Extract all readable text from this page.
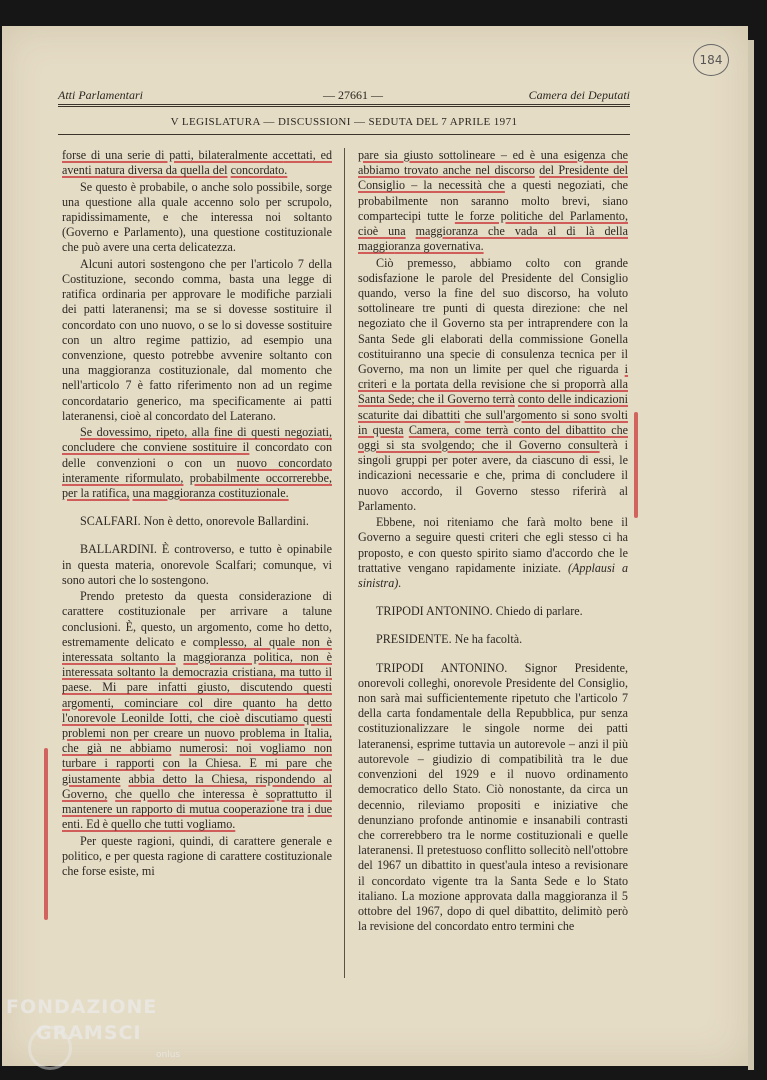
184
Atti Parlamentari	— 27661 —	Camera dei Deputati
V LEGISLATURA — DISCUSSIONI — SEDUTA DEL 7 APRILE 1971

forse di una serie di patti, bilateralmente accettati, ed aventi natura diversa da quella del concordato.

Se questo è probabile, o anche solo possibile, sorge una questione alla quale accenno solo per scrupolo, rapidissimamente, e che interessa noi soltanto (Governo e Parlamento), una questione costituzionale che può avere una certa delicatezza.

Alcuni autori sostengono che per l'articolo 7 della Costituzione, secondo comma, basta una legge di ratifica ordinaria per approvare le modifiche parziali dei patti lateranensi; ma se si dovesse sostituire il concordato con uno nuovo, o se lo si dovesse sostituire con un altro regime pattizio, ad esempio una convenzione, questo potrebbe avvenire soltanto con una maggioranza costituzionale, dal momento che nell'articolo 7 è fatto riferimento non ad un regime concordatario generico, ma specificamente ai patti lateranensi, cioè al concordato del Laterano.

Se dovessimo, ripeto, alla fine di questi negoziati, concludere che conviene sostituire il concordato con delle convenzioni o con un nuovo concordato interamente riformulato, probabilmente occorrerebbe, per la ratifica, una maggioranza costituzionale.

SCALFARI. Non è detto, onorevole Ballardini.

BALLARDINI. È controverso, e tutto è opinabile in questa materia, onorevole Scalfari; comunque, vi sono autori che lo sostengono.

Prendo pretesto da questa considerazione di carattere costituzionale per arrivare a talune conclusioni. È, questo, un argomento, come ho detto, estremamente delicato e complesso, al quale non è interessata soltanto la maggioranza politica, non è interessata soltanto la democrazia cristiana, ma tutto il paese. Mi pare infatti giusto, discutendo questi argomenti, cominciare col dire quanto ha detto l'onorevole Leonilde Iotti, che cioè discutiamo questi problemi non per creare un nuovo problema in Italia, che già ne abbiamo numerosi: noi vogliamo non turbare i rapporti con la Chiesa. E mi pare che giustamente abbia detto la Chiesa, rispondendo al Governo, che quello che interessa è soprattutto il mantenere un rapporto di mutua cooperazione tra i due enti. Ed è quello che tutti vogliamo.

Per queste ragioni, quindi, di carattere generale e politico, e per questa ragione di carattere costituzionale che forse esiste, mi

pare sia giusto sottolineare – ed è una esigenza che abbiamo trovato anche nel discorso del Presidente del Consiglio – la necessità che a questi negoziati, che probabilmente non saranno molto brevi, siano compartecipi tutte le forze politiche del Parlamento, cioè una maggioranza che vada al di là della maggioranza governativa.

Ciò premesso, abbiamo colto con grande sodisfazione le parole del Presidente del Consiglio quando, verso la fine del suo discorso, ha voluto sottolineare tre punti di questa direzione: che nel negoziato che il Governo sta per intraprendere con la Santa Sede gli elaborati della commissione Gonella costituiranno una specie di consulenza tecnica per il Governo, ma non un limite per quel che riguarda i criteri e la portata della revisione che si proporrà alla Santa Sede; che il Governo terrà conto delle indicazioni scaturite dai dibattiti che sull'argomento si sono svolti in questa Camera, come terrà conto del dibattito che oggi si sta svolgendo; che il Governo consulterà i singoli gruppi per poter avere, da ciascuno di essi, le indicazioni necessarie e che, prima di concludere il nuovo accordo, il Governo stesso riferirà al Parlamento.

Ebbene, noi riteniamo che farà molto bene il Governo a seguire questi criteri che egli stesso ci ha proposto, e con questo spirito siamo d'accordo che le trattative vengano rapidamente iniziate. (Applausi a sinistra).

TRIPODI ANTONINO. Chiedo di parlare.

PRESIDENTE. Ne ha facoltà.

TRIPODI ANTONINO. Signor Presidente, onorevoli colleghi, onorevole Presidente del Consiglio, non sarà mai sufficientemente ripetuto che l'articolo 7 della carta fondamentale della Repubblica, pur senza costituzionalizzare le singole norme dei patti lateranensi, esprime tuttavia un autorevole – anzi il più autorevole – giudizio di compatibilità tra le due convenzioni del 1929 e il nuovo ordinamento democratico dello Stato. Ciò nonostante, da circa un decennio, rileviamo propositi e iniziative che denunziano profonde antinomie e insanabili contrasti che correrebbero tra le norme costituzionali e quelle lateranensi. Il pretestuoso conflitto sollecitò nell'ottobre del 1967 un dibattito in quest'aula inteso a revisionare il concordato vigente tra la Santa Sede e lo Stato italiano. La mozione approvata dalla maggioranza il 5 ottobre del 1967, dopo di quel dibattito, delimitò però la revisione del concordato entro termini che

FONDAZIONE
GRAMSCI
onlus
